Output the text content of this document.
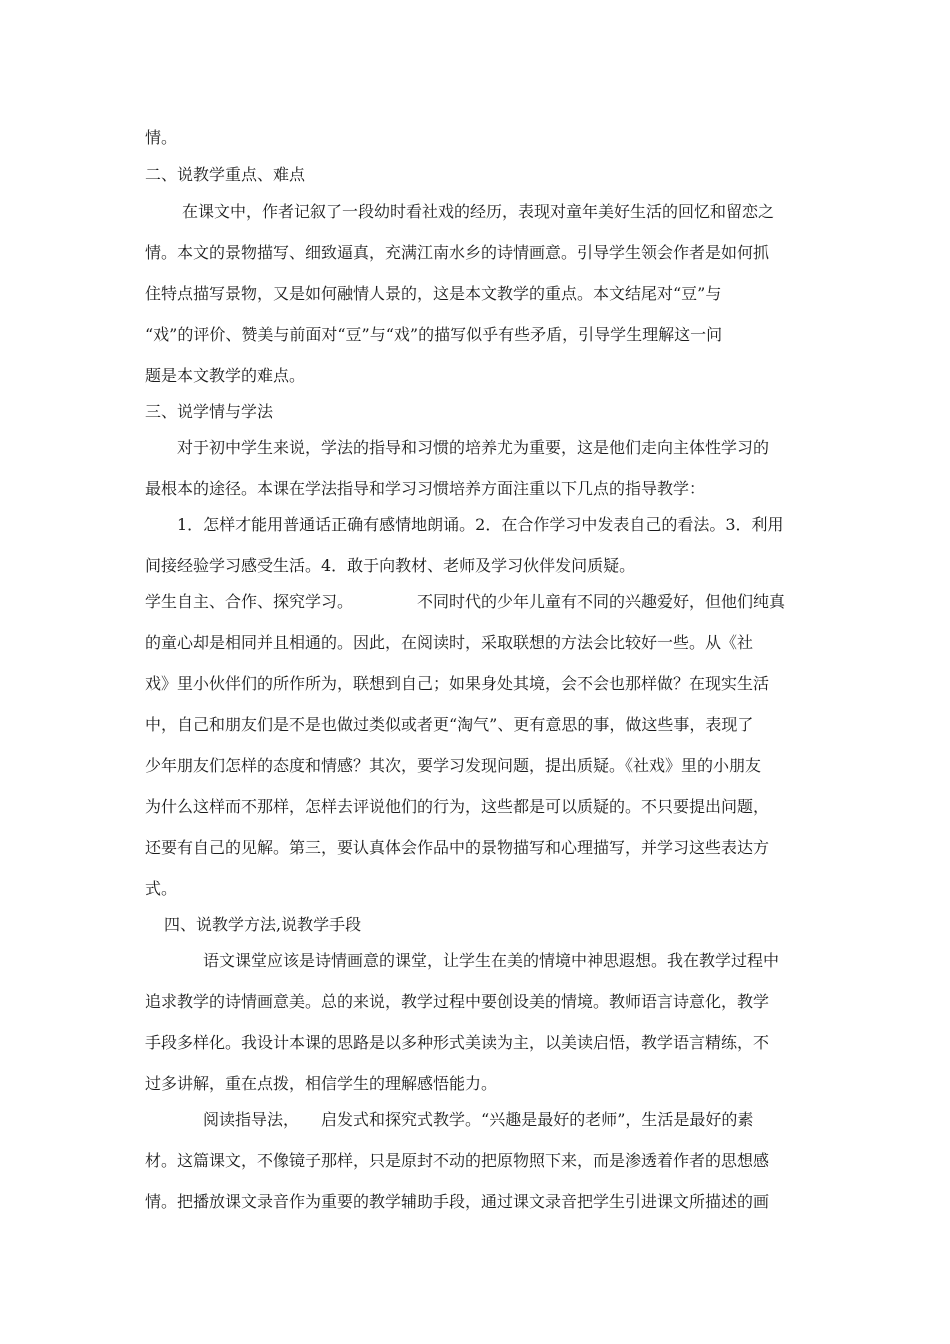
情。
二、说教学重点、难点
在课文中，作者记叙了一段幼时看社戏的经历，表现对童年美好生活的回忆和留恋之
情。本文的景物描写、细致逼真，充满江南水乡的诗情画意。引导学生领会作者是如何抓
住特点描写景物，又是如何融情人景的，这是本文教学的重点。本文结尾对“豆”与
“戏”的评价、赞美与前面对“豆”与“戏”的描写似乎有些矛盾，引导学生理解这一问
题是本文教学的难点。
三、说学情与学法
对于初中学生来说，学法的指导和习惯的培养尤为重要，这是他们走向主体性学习的
最根本的途径。本课在学法指导和学习习惯培养方面注重以下几点的指导教学：
1．怎样才能用普通话正确有感情地朗诵。2．在合作学习中发表自己的看法。3．利用
间接经验学习感受生活。4．敢于向教材、老师及学习伙伴发问质疑。
学生自主、合作、探究学习。	不同时代的少年儿童有不同的兴趣爱好，但他们纯真
的童心却是相同并且相通的。因此，在阅读时，采取联想的方法会比较好一些。从《社
戏》里小伙伴们的所作所为，联想到自己；如果身处其境，会不会也那样做？在现实生活
中，自己和朋友们是不是也做过类似或者更“淘气”、更有意思的事，做这些事，表现了
少年朋友们怎样的态度和情感？其次，要学习发现问题，提出质疑。《社戏》里的小朋友
为什么这样而不那样，怎样去评说他们的行为，这些都是可以质疑的。不只要提出问题，
还要有自己的见解。第三，要认真体会作品中的景物描写和心理描写，并学习这些表达方
式。
四、说教学方法,说教学手段
语文课堂应该是诗情画意的课堂，让学生在美的情境中神思遐想。我在教学过程中
追求教学的诗情画意美。总的来说，教学过程中要创设美的情境。教师语言诗意化，教学
手段多样化。我设计本课的思路是以多种形式美读为主，以美读启悟，教学语言精练，不
过多讲解，重在点拨，相信学生的理解感悟能力。
阅读指导法， 启发式和探究式教学。“兴趣是最好的老师”，生活是最好的素
材。这篇课文，不像镜子那样，只是原封不动的把原物照下来，而是渗透着作者的思想感
情。把播放课文录音作为重要的教学辅助手段，通过课文录音把学生引进课文所描述的画
